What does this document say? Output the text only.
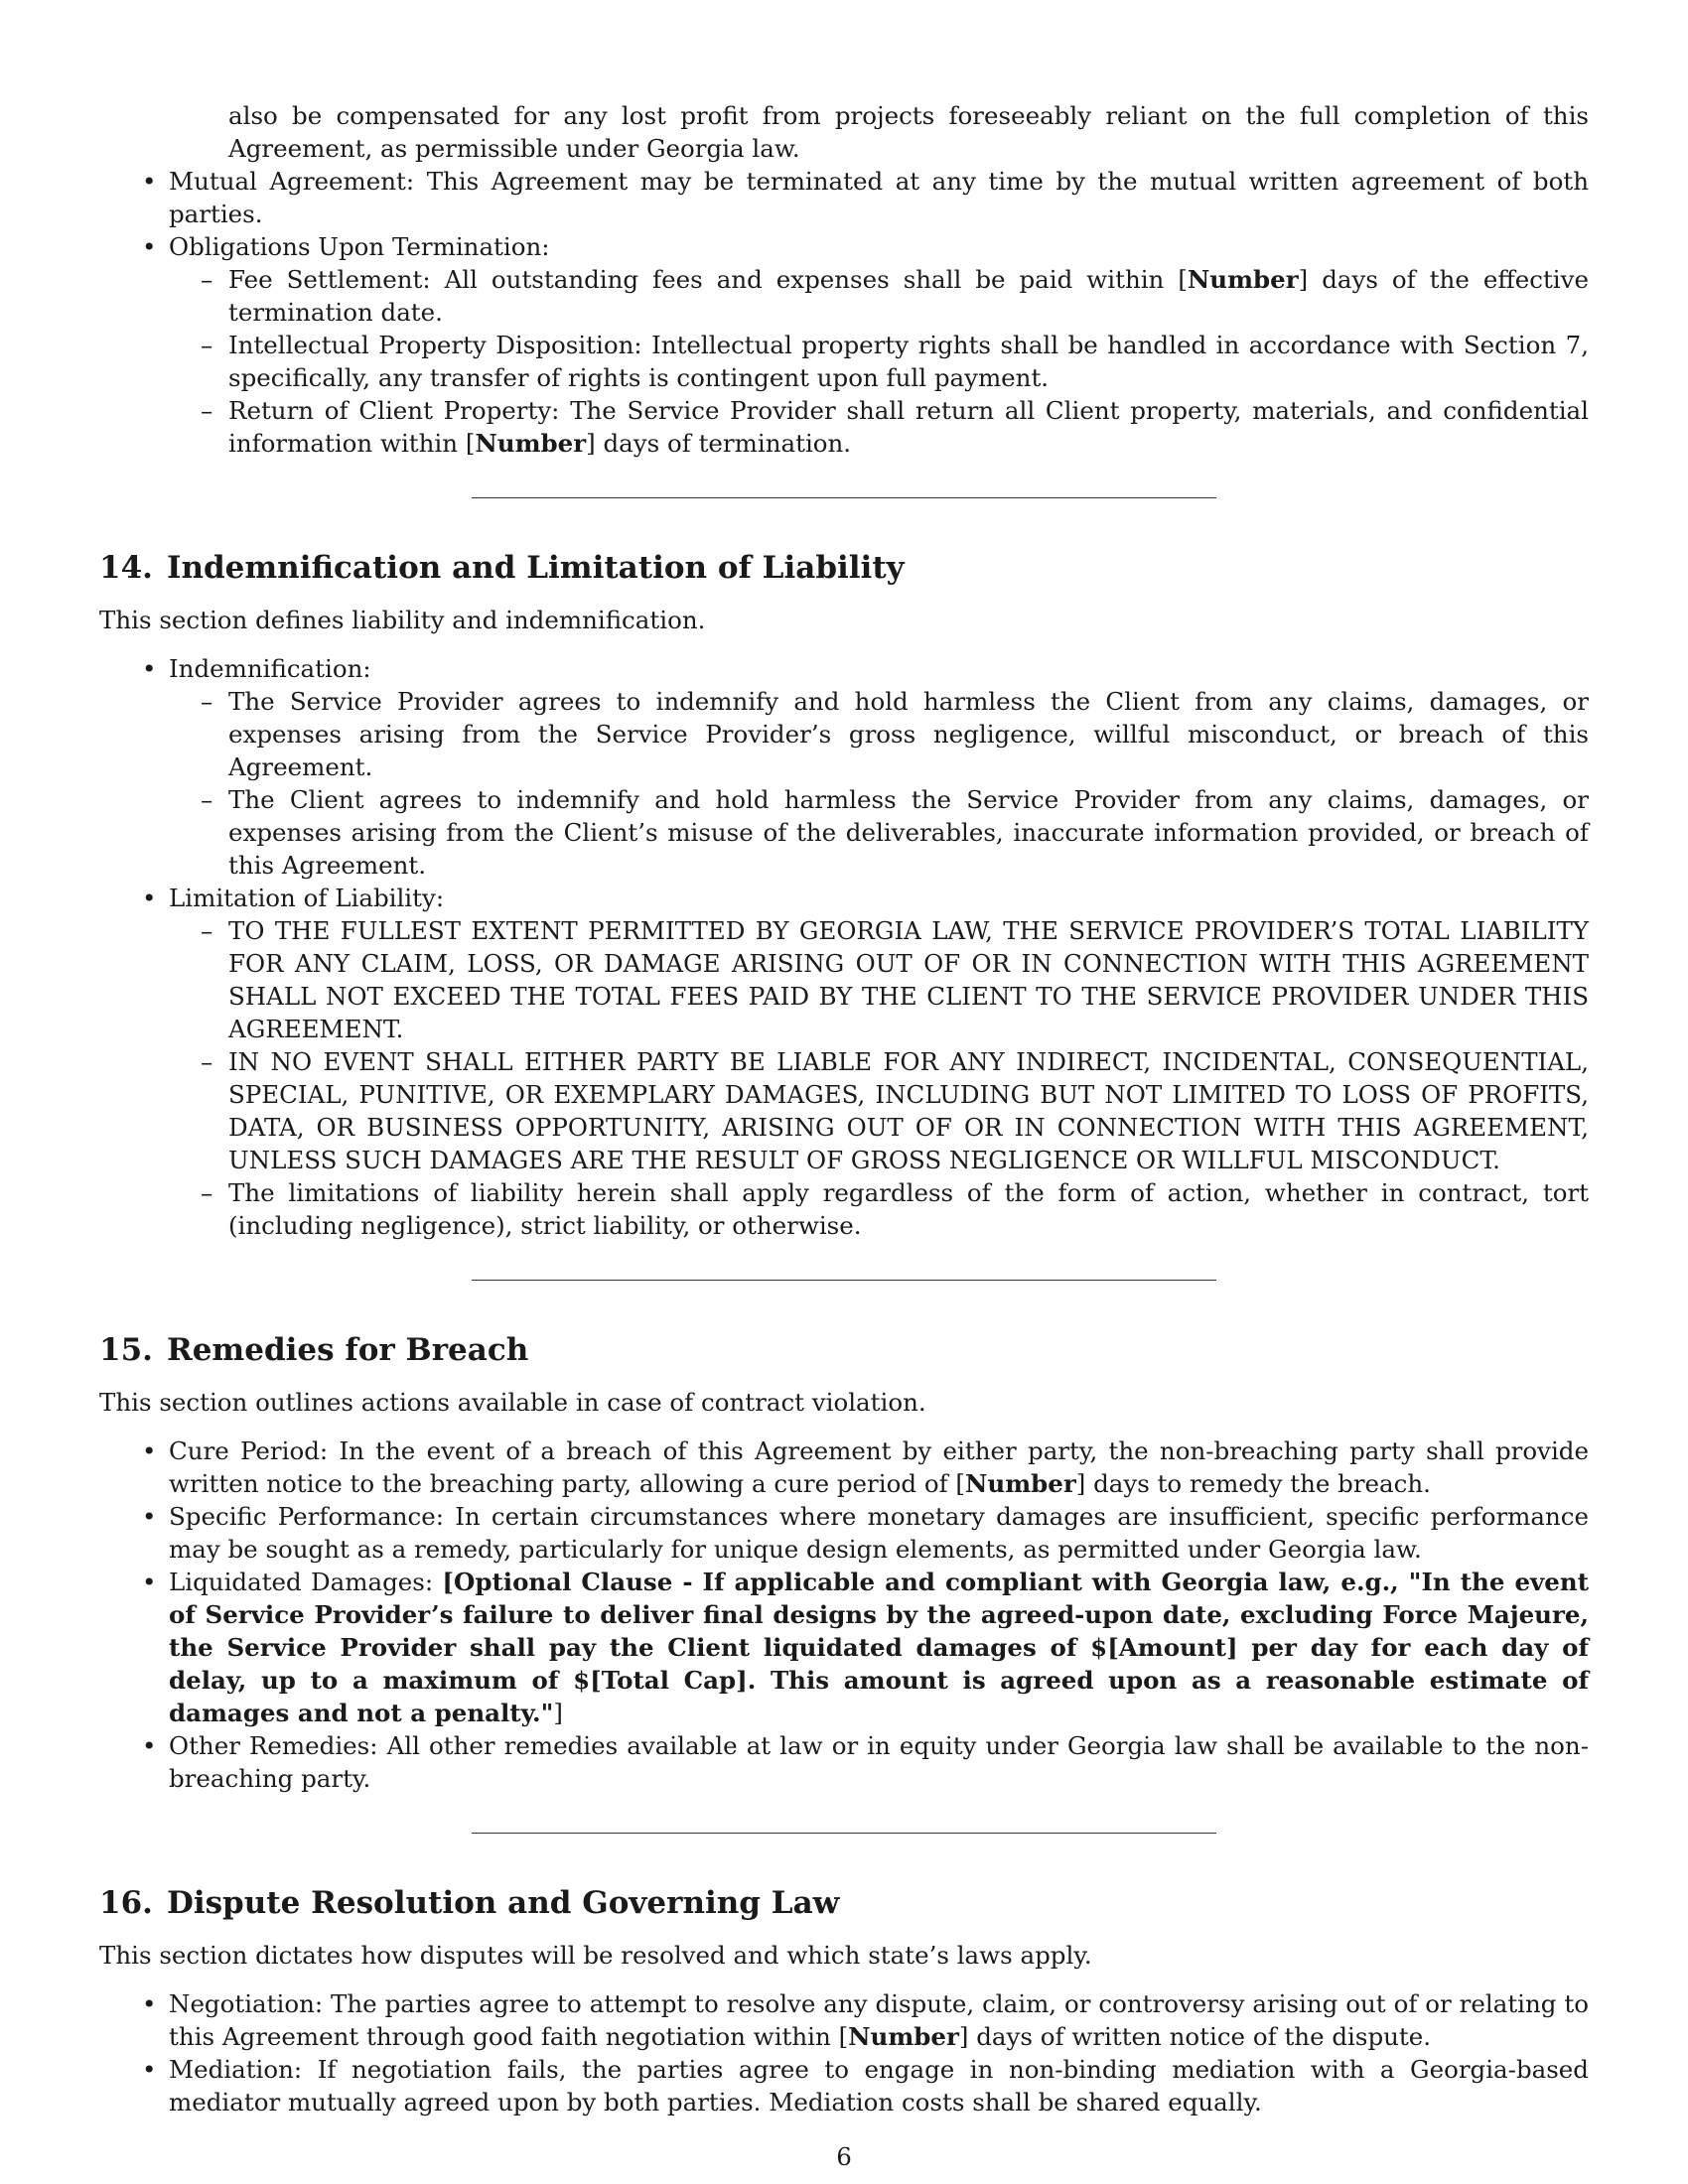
also be compensated for any lost profit from projects foreseeably reliant on the full completion of this Agreement, as permissible under Georgia law.

• Mutual Agreement: This Agreement may be terminated at any time by the mutual written agreement of both parties.
• Obligations Upon Termination:
– Fee Settlement: All outstanding fees and expenses shall be paid within [Number] days of the effective termination date.
– Intellectual Property Disposition: Intellectual property rights shall be handled in accordance with Section 7, specifically, any transfer of rights is contingent upon full payment.
– Return of Client Property: The Service Provider shall return all Client property, materials, and confidential information within [Number] days of termination.
14. Indemnification and Limitation of Liability

This section defines liability and indemnification.

• Indemnification:
– The Service Provider agrees to indemnify and hold harmless the Client from any claims, damages, or expenses arising from the Service Provider’s gross negligence, willful misconduct, or breach of this Agreement.
– The Client agrees to indemnify and hold harmless the Service Provider from any claims, damages, or expenses arising from the Client’s misuse of the deliverables, inaccurate information provided, or breach of this Agreement.
• Limitation of Liability:
– TO THE FULLEST EXTENT PERMITTED BY GEORGIA LAW, THE SERVICE PROVIDER’S TOTAL LIABILITY FOR ANY CLAIM, LOSS, OR DAMAGE ARISING OUT OF OR IN CONNECTION WITH THIS AGREEMENT SHALL NOT EXCEED THE TOTAL FEES PAID BY THE CLIENT TO THE SERVICE PROVIDER UNDER THIS AGREEMENT.
– IN NO EVENT SHALL EITHER PARTY BE LIABLE FOR ANY INDIRECT, INCIDENTAL, CONSEQUENTIAL, SPECIAL, PUNITIVE, OR EXEMPLARY DAMAGES, INCLUDING BUT NOT LIMITED TO LOSS OF PROFITS, DATA, OR BUSINESS OPPORTUNITY, ARISING OUT OF OR IN CONNECTION WITH THIS AGREEMENT, UNLESS SUCH DAMAGES ARE THE RESULT OF GROSS NEGLIGENCE OR WILLFUL MISCONDUCT.
– The limitations of liability herein shall apply regardless of the form of action, whether in contract, tort (including negligence), strict liability, or otherwise.
15. Remedies for Breach

This section outlines actions available in case of contract violation.

• Cure Period: In the event of a breach of this Agreement by either party, the non-breaching party shall provide written notice to the breaching party, allowing a cure period of [Number] days to remedy the breach.
• Specific Performance: In certain circumstances where monetary damages are insufficient, specific performance may be sought as a remedy, particularly for unique design elements, as permitted under Georgia law.
• Liquidated Damages: [Optional Clause - If applicable and compliant with Georgia law, e.g., "In the event of Service Provider’s failure to deliver final designs by the agreed-upon date, excluding Force Majeure, the Service Provider shall pay the Client liquidated damages of $[Amount] per day for each day of delay, up to a maximum of $[Total Cap]. This amount is agreed upon as a reasonable estimate of damages and not a penalty."]
• Other Remedies: All other remedies available at law or in equity under Georgia law shall be available to the non-breaching party.
16. Dispute Resolution and Governing Law

This section dictates how disputes will be resolved and which state’s laws apply.

• Negotiation: The parties agree to attempt to resolve any dispute, claim, or controversy arising out of or relating to this Agreement through good faith negotiation within [Number] days of written notice of the dispute.
• Mediation: If negotiation fails, the parties agree to engage in non-binding mediation with a Georgia-based mediator mutually agreed upon by both parties. Mediation costs shall be shared equally.
6
